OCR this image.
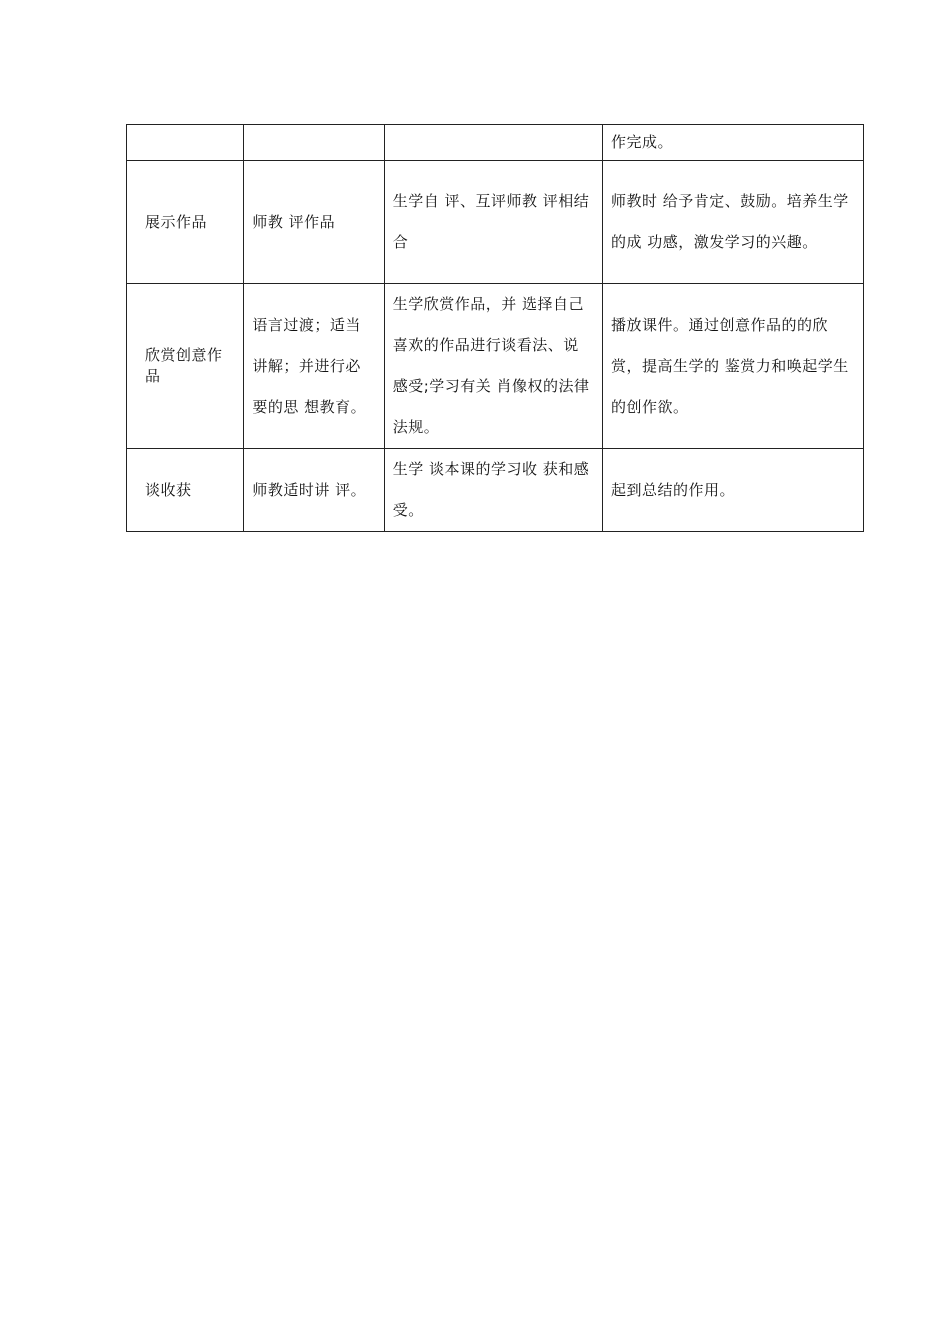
			作完成。

展示作品	师教 评作品	生学自 评、互评师教 评相结合	师教时 给予肯定、鼓励。培养生学的成 功感，激发学习的兴趣。

欣赏创意作品	语言过渡；适当讲解；并进行必要的思 想教育。	生学欣赏作品，并 选择自己喜欢的作品进行谈看法、说感受;学习有关 肖像权的法律法规。	播放课件。通过创意作品的的欣赏，提高生学的 鉴赏力和唤起学生的创作欲。

谈收获	师教适时讲 评。	生学 谈本课的学习收 获和感受。	起到总结的作用。
